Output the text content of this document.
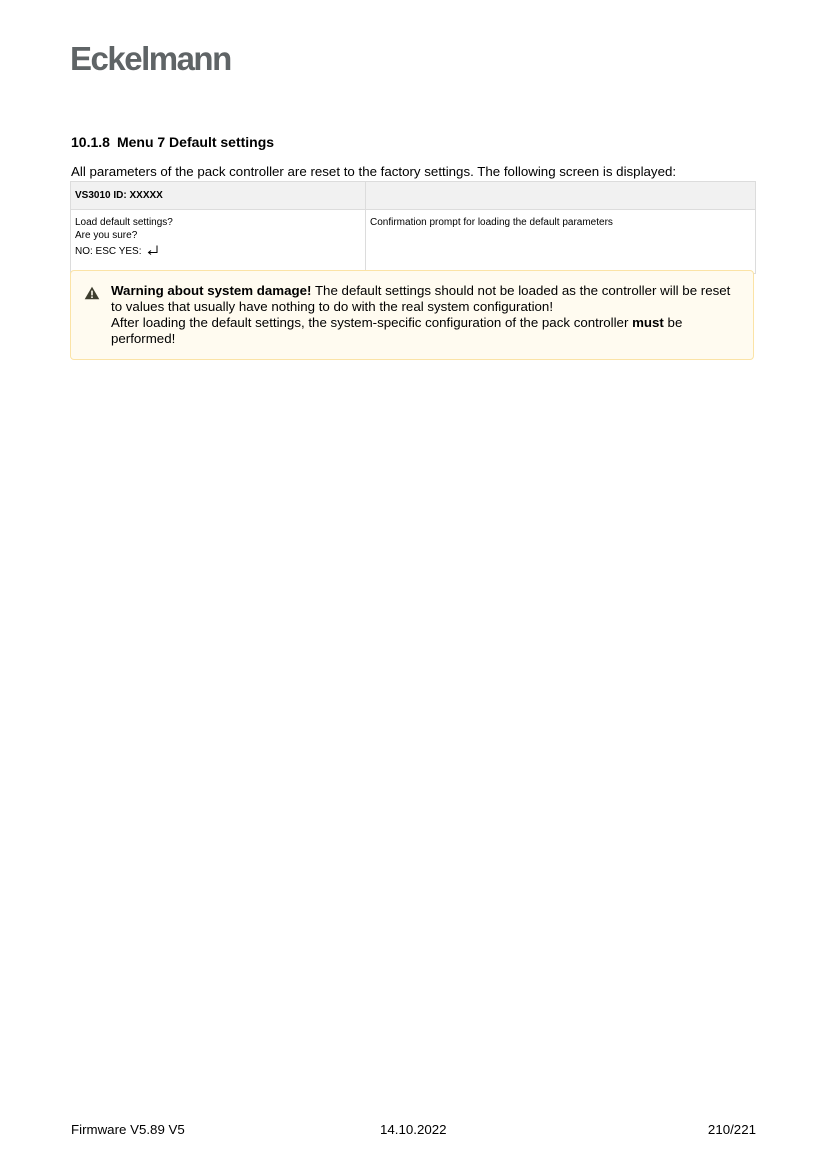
Eckelmann
10.1.8 Menu 7 Default settings

All parameters of the pack controller are reset to the factory settings. The following screen is displayed:

VS3010 ID: XXXXX	

Load default settings?
Are you sure?
NO: ESC YES:	Confirmation prompt for loading the default parameters

Warning about system damage! The default settings should not be loaded as the controller will be reset to values that usually have nothing to do with the real system configuration!
After loading the default settings, the system-specific configuration of the pack controller must be performed!

Firmware V5.89 V5	14.10.2022	210/221
